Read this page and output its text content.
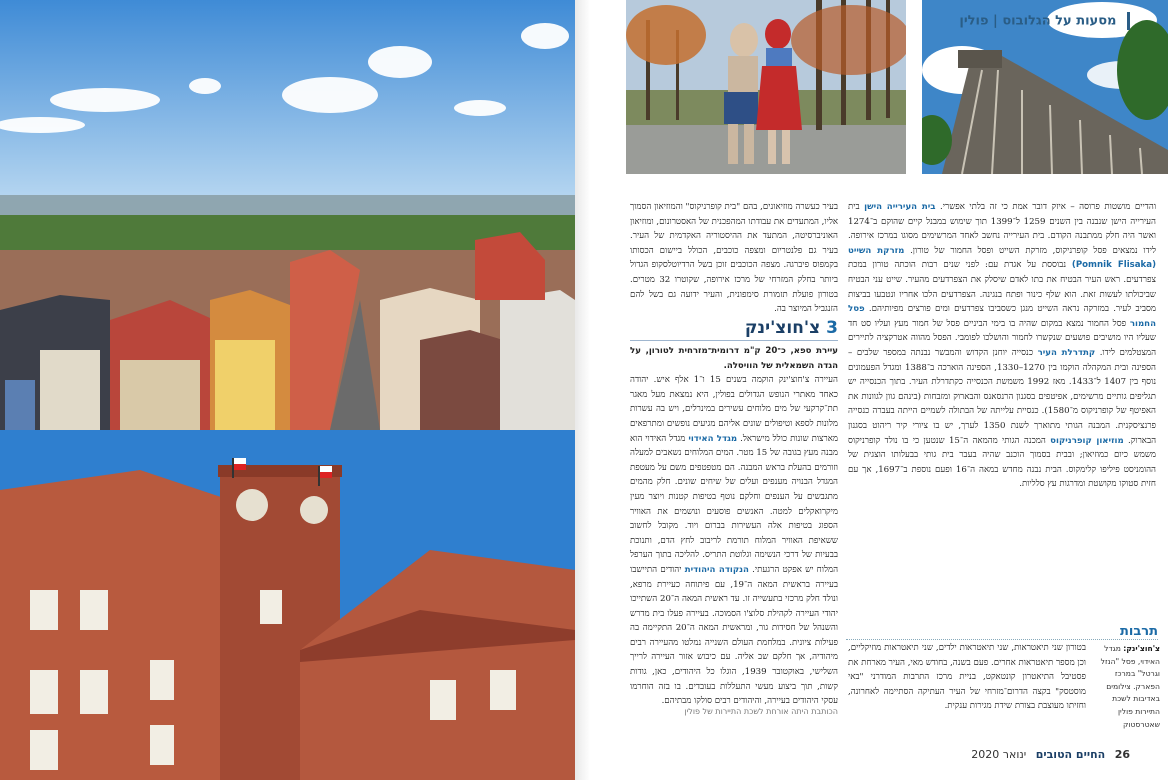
מסעות על הגלובוס | פולין

והדיים מושטות פרוסה – איזק דובר אמת כי זה בלתי אפשרי. בית העירייה הישן בית העירייה הישן שנבנה בין השנים 1259 ל־1399 תוך שימוש במבנל קיים שהוקם ב־1274 ואשר היה חלק ממתבנה הקודם. בית העירייה נחשב לאחד המרשימים מסוגו במרכז אירופה. לידו נמצאים פסל קופרניקוס, מזרקת השייט ופסל החמור של טורון. מזרקת השייט (Pomnik Flisaka) נבוססת על אגדת עם: לפני שנים רבות הוכתה טורון במכת צפרדעים. ראש העיר הבטיח את בתו לאדם שיסלק את הצפרדעים מהעיר. שייט עני הבטיח שביכולתו לעשות זאת. הוא שלף כינור ופתח בנגינה. הצפרדעים הלכו אחריו ונטבעו בביצות מסביב לעיר. במזרקה נראה השייט מנגן כשסביבו צפרדעים ומים פורצים מפיותיהם. פסל החמור פסל החמור נמצא במקום שהיה בו בימי הביניים פסל של חמור מעץ ועליו סט חד שעליו היו מושיבים פושעים שנקשרו לחמור והושלכו לפומבי. הפסל מהווה אטרקציה לתיירים המצטלמים לידו. קתדרלת העיר כנסייה יוחנן הקדוש והמבשר נבנתה במספר שלבים – הספינה ובית המקהלה הוקמו בין 1270–1330, הספינה הוארכה ב־1388 ומגדל הפעמונים נוסף בין 1407 ל־1433. מאז 1992 משמשת הכנסייה כקתדרלת העיר. בתוך הכנסייה יש תגליפים גותיים מרשימים, אפיטפים בסגנון הרנסאנס והבארוק ומזבחות (בינהם גוון לגוונות את האפיטף של קופרניקוס מ־1580). כנסיית עלייתה של הבתולה לשמיים הייתה בעברה כנסייה פרנציסקנית. המבנה הגותי מתוארך לשנת 1350 לערך, יש בו ציורי קיר ריהוט בסגנון הבארוק. מוזיאון קופרניקוס המכנה הגותי מהמאה ה־15 שנטען כי בו נולד קופרניקוס משמש כיום כמוזיאון; ובבית בסמוך הוכנב שהיה בעבר בית גותי בבעלותו הוצגית של ההומניסט פיליפו קלימקוס. הבית נבנה מחדש במאה ה־16 ופעם נוספת ב־1697, אך עם חזית סטוקו מקושטת ומדרגות עץ סלליות.

בעיר כעשרה מוזיאונים, בהם "בית קופרניקוס" והמוזיאון הסמוך אליו, המתעדים את עבודתו המהפכנית של האסטרונום, ומוזיאון האוניברסיטה, המתעד את ההיסטוריה האקדמית של העיר. בעיר גם פלנטריום ומצפה כוכבים, הכולל ביישום הכסותו בקמפוס פיברגה. מצפה הכוכבים זוכן בשל הרדיוטלסקופ הגדול ביותר בחלק המזרחי של מרכז אירופה, שקוטרו 32 מטרים. בטורון פועלת תזמורת סימפונית, והעיר ידועה גם בשל להם הזנגביל המיוצר בה.

3 צ'חוצ'ינק

עיירת ספא, כ־20 ק"מ דרומית־מזרחית לטורון, על הגדה השמאלית של הוויסלה.

העיירה צ'חוצ'ינק הוקמה בשנים 15 ו־1 אלף איש. יהודה כאחד מאתרי הנופש הגדולים בפולין, היא נמצאת מעל מאגר תת־קרקעי של מים מלוחים עשירים במינרלים, ויש בה עשרות מלונות לספא וטיפולים שונים אליהם מגיעים נופשים ומתרפאים מארצות שונות כולל מישראל. מגדל האידוי מגדל האידוי הוא מבנה מעץ בגובה של 15 מטר. המים המלוחים נשאבים למעלה וזורמים בהעלת בראש המבנה. הם מטפטפים משם על מעטפת המגדל הבנויה מענפים ועלים של שיחים שונים. חלק מהמים מתגבשים על הענפים וחלקם נוטף בטיפות קטנות ויוצר מעין מיקרואקלים למטה. האנשים פוסעים ונושמים את האוויר הספוג בטיפות אלה העשירות בברום ויוד. מקובל לחשוב ששאיפת האוויר המלוח תורמת לריבוב לחץ הדם, ותנוכת בבעיות של דרכי הנשימה וגלוטת התריס. להליכה בתוך הערפל המלוח יש אפקט הרגעתי. הנקודה היהודית יהודים התיישבו בעיירה בראשית המאה ה־19, עם פיתוחה כעיירת מרפא, ונולד חלק מרכזי בתעשייה זו. עד ראשית המאה ה־20 השתייכו יהודי העיירה לקהילת סלוצ'ו הסמוכה. בעיירה פעלו בית מדרש והשנהל של חסידות גור, ומראשית המאה ה־20 התקיימה בה פעילות ציונית. במלחמת העולם השנייה נמלטו מהעיירה רבים מיהודיה, אך חלקם שב אליה. עם כיבוש אזור העיירה לרייך השלישי, באוקטובר 1939, הוגלו כל היהודים, כאן, גודות קשות, תוך ביצוע מעשי התעללות בעובדים. בו בזה הוחרמו עסקי היהודים בעיירה, והיהודים רבים סולקו מבתיהם.

הכותבת היתה אורחת לשכת התיירות של פולין
תרבות
בטורון שני תיאטראות, שני תיאטראות ילדים, שני תיאטראות מוזיקליים, וכן מספר תיאטראות אחרים. פעם בשנה, בחודש מאי, העיר מארחת את פסטיבל התיאטרון קונטאקט, בניית מרכז התרבות המודרני "באי מוסטסק" בקצה הדרום־מזרחי של העיר העתיקה הסתיימה לאחרונה, וחזיתו מעוצבת בצורת שידת מגירות ענקית.
צ'חוצ'ינק: מגדל האידוי, פסל "הנזל וגרטל" במרכז הפארק. צילומים באדיבות לשכת התיירות פולין שאטרסטוק
26 החיים הטובים ינואר 2020
